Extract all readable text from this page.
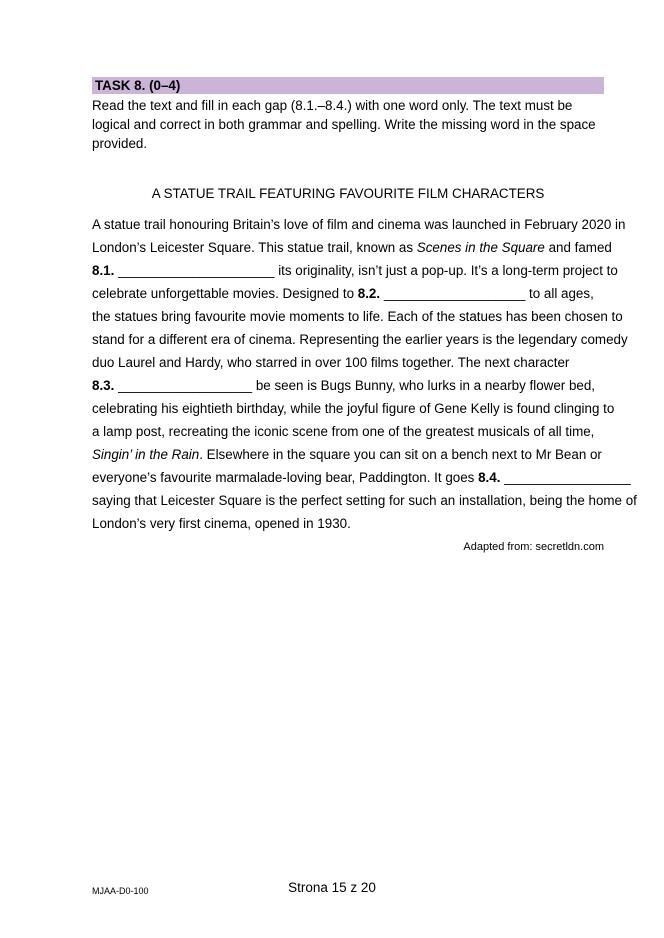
TASK 8. (0–4)
Read the text and fill in each gap (8.1.–8.4.) with one word only. The text must be
logical and correct in both grammar and spelling. Write the missing word in the space
provided.
A STATUE TRAIL FEATURING FAVOURITE FILM CHARACTERS
A statue trail honouring Britain’s love of film and cinema was launched in February 2020 in
London’s Leicester Square. This statue trail, known as Scenes in the Square and famed
8.1. _____________________ its originality, isn’t just a pop-up. It’s a long-term project to
celebrate unforgettable movies. Designed to 8.2. ___________________ to all ages,
the statues bring favourite movie moments to life. Each of the statues has been chosen to
stand for a different era of cinema. Representing the earlier years is the legendary comedy
duo Laurel and Hardy, who starred in over 100 films together. The next character
8.3. __________________ be seen is Bugs Bunny, who lurks in a nearby flower bed,
celebrating his eightieth birthday, while the joyful figure of Gene Kelly is found clinging to
a lamp post, recreating the iconic scene from one of the greatest musicals of all time,
Singin’ in the Rain. Elsewhere in the square you can sit on a bench next to Mr Bean or
everyone’s favourite marmalade-loving bear, Paddington. It goes 8.4. _________________
saying that Leicester Square is the perfect setting for such an installation, being the home of
London’s very first cinema, opened in 1930.
Adapted from: secretldn.com
MJAA-D0-100	Strona 15 z 20
